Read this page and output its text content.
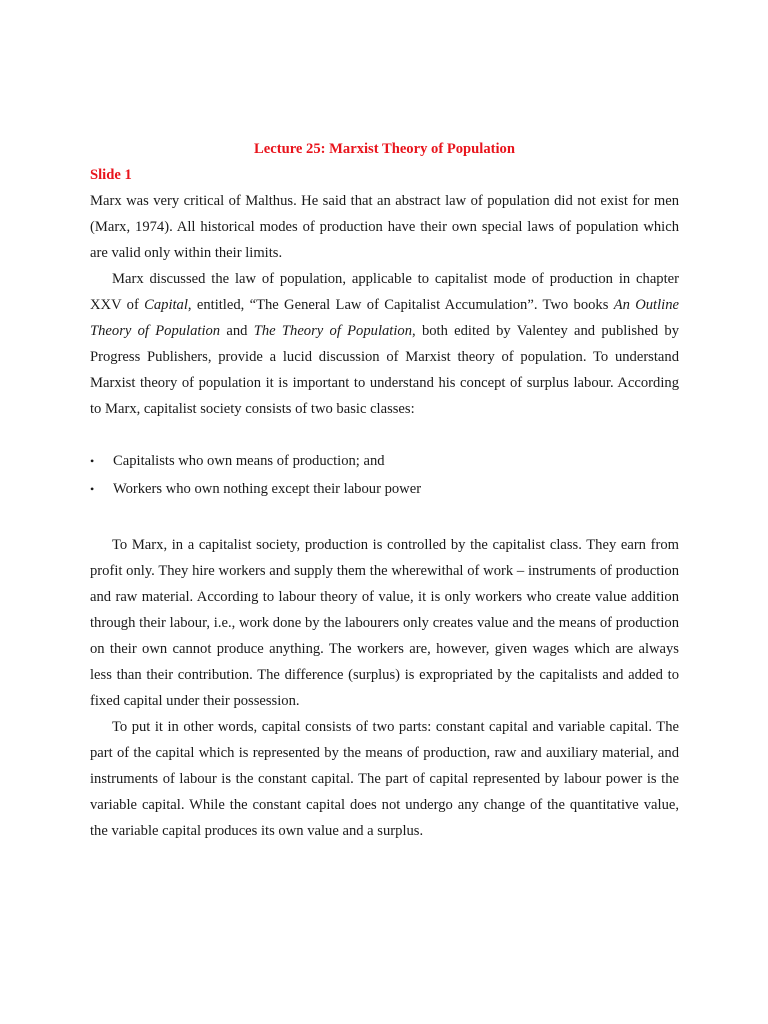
Lecture 25: Marxist Theory of Population
Slide 1

Marx was very critical of Malthus. He said that an abstract law of population did not exist for men (Marx, 1974). All historical modes of production have their own special laws of population which are valid only within their limits.

Marx discussed the law of population, applicable to capitalist mode of production in chapter XXV of Capital, entitled, “The General Law of Capitalist Accumulation”. Two books An Outline Theory of Population and The Theory of Population, both edited by Valentey and published by Progress Publishers, provide a lucid discussion of Marxist theory of population. To understand Marxist theory of population it is important to understand his concept of surplus labour. According to Marx, capitalist society consists of two basic classes:

• Capitalists who own means of production; and
• Workers who own nothing except their labour power

To Marx, in a capitalist society, production is controlled by the capitalist class. They earn from profit only. They hire workers and supply them the wherewithal of work – instruments of production and raw material. According to labour theory of value, it is only workers who create value addition through their labour, i.e., work done by the labourers only creates value and the means of production on their own cannot produce anything. The workers are, however, given wages which are always less than their contribution. The difference (surplus) is expropriated by the capitalists and added to fixed capital under their possession.

To put it in other words, capital consists of two parts: constant capital and variable capital. The part of the capital which is represented by the means of production, raw and auxiliary material, and instruments of labour is the constant capital. The part of capital represented by labour power is the variable capital. While the constant capital does not undergo any change of the quantitative value, the variable capital produces its own value and a surplus.
